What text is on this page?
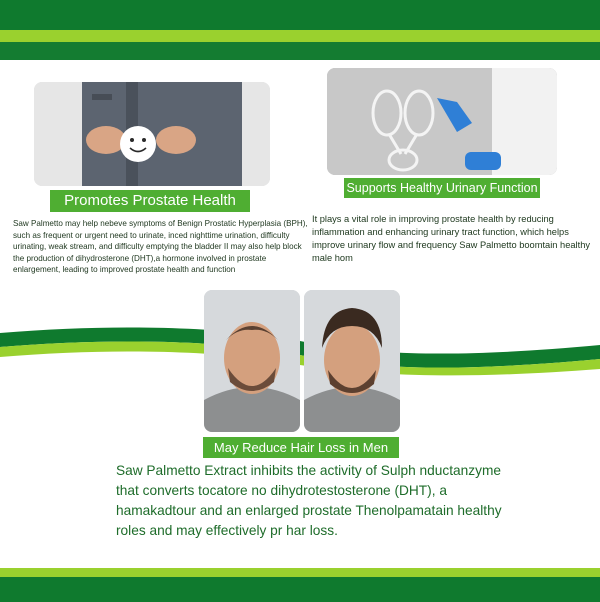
Promotes Prostate Health
Saw Palmetto may help nebeve symptoms of Benign Prostatic Hyperplasia (BPH), such as frequent or urgent need to urinate, inced nighttime urination, difficulty urinating, weak stream, and difficulty emptying the bladder II may also help block the production of dihydrosterone (DHT),a hormone involved in prostate enlargement, leading to improved prostate health and function
Supports Healthy Urinary Function
It plays a vital role in improving prostate health by reducing inflammation and enhancing urinary tract function, which helps improve urinary flow and frequency Saw Palmetto boomtain healthy male hom
May Reduce Hair Loss in Men
Saw Palmetto Extract inhibits the activity of Sulph nductanzyme that converts tocatore no dihydrotestosterone (DHT), a hamakadtour and an enlarged prostate Thenolpamatain healthy roles and may effectively pr har loss.
